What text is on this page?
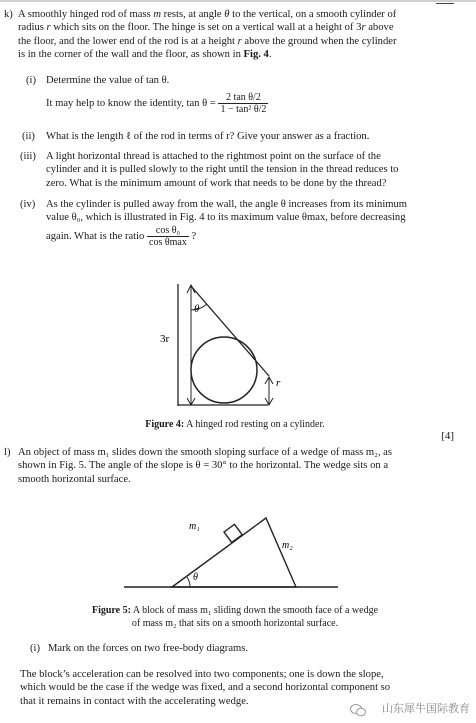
k) A smoothly hinged rod of mass m rests, at angle θ to the vertical, on a smooth cylinder of
radius r which sits on the floor. The hinge is set on a vertical wall at a height of 3r above
the floor, and the lower end of the rod is at a height r above the ground when the cylinder
is in the corner of the wall and the floor, as shown in Fig. 4.
(i) Determine the value of tan θ.
It may help to know the identity, $\tan \theta = \frac{\text{2 tan θ/2}}{\text{1 − tan² θ/2}}$
(ii) What is the length ℓ of the rod in terms of r? Give your answer as a fraction.
(iii) A light horizontal thread is attached to the rightmost point on the surface of the
cylinder and it is pulled slowly to the right until the tension in the thread reduces to
zero. What is the minimum amount of work that needs to be done by the thread?
(iv) As the cylinder is pulled away from the wall, the angle θ increases from its minimum
value θ₀, which is illustrated in Fig. 4 to its maximum value θmax, before decreasing
again. What is the ratio $\frac{\text{cos θ₀}}{\text{cos θmax}}$ ?
3r
θ
r
Figure 4: A hinged rod resting on a cylinder.
[4]
l) An object of mass m₁ slides down the smooth sloping surface of a wedge of mass m₂, as
shown in Fig. 5. The angle of the slope is θ = 30° to the horizontal. The wedge sits on a
smooth horizontal surface.
m₁
m₂
θ
Figure 5: A block of mass m₁ sliding down the smooth face of a wedge
of mass m₂ that sits on a smooth horizontal surface.
(i) Mark on the forces on two free-body diagrams.
The block’s acceleration can be resolved into two components; one is down the slope,
which would be the case if the wedge was fixed, and a second horizontal component so
that it remains in contact with the accelerating wedge.
山东犀牛国际教育
